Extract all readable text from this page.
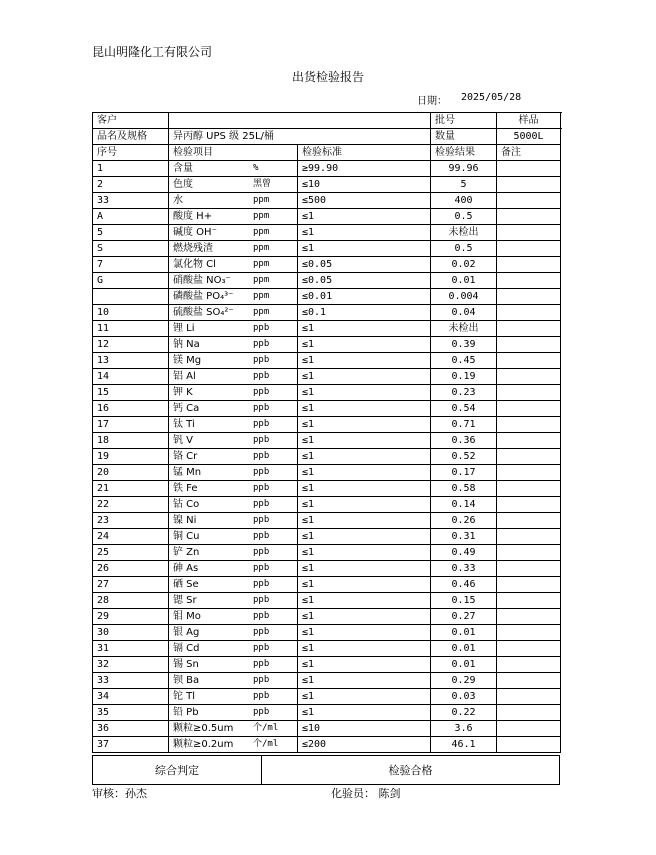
昆山明隆化工有限公司
出货检验报告
日期： 2025/05/28
客户			批号	样品
品名及规格	异丙醇 UPS 级 25L/桶		数量	5000L
序号	检验项目	检验标准	检验结果	备注
1	含量 %	≥99.90	99.96	
2	色度 黑曾	≤10	5	
33	水 ppm	≤500	400	
A	酸度 H+ ppm	≤1	0.5	
5	碱度 OH⁻ ppm	≤1	未检出	
S	燃烧残渣 ppm	≤1	0.5	
7	氯化物 Cl ppm	≤0.05	0.02	
G	硝酸盐 NO₃⁻ ppm	≤0.05	0.01	
	磷酸盐 PO₄³⁻ ppm	≤0.01	0.004	
10	硫酸盐 SO₄²⁻ ppm	≤0.1	0.04	
11	锂 Li ppb	≤1	未检出	
12	钠 Na ppb	≤1	0.39	
13	镁 Mg ppb	≤1	0.45	
14	铝 Al ppb	≤1	0.19	
15	钾 K ppb	≤1	0.23	
16	钙 Ca ppb	≤1	0.54	
17	钛 Ti ppb	≤1	0.71	
18	钒 V ppb	≤1	0.36	
19	铬 Cr ppb	≤1	0.52	
20	锰 Mn ppb	≤1	0.17	
21	铁 Fe ppb	≤1	0.58	
22	钴 Co ppb	≤1	0.14	
23	镍 Ni ppb	≤1	0.26	
24	铜 Cu ppb	≤1	0.31	
25	铲 Zn ppb	≤1	0.49	
26	砷 As ppb	≤1	0.33	
27	硒 Se ppb	≤1	0.46	
28	锶 Sr ppb	≤1	0.15	
29	钼 Mo ppb	≤1	0.27	
30	银 Ag ppb	≤1	0.01	
31	镉 Cd ppb	≤1	0.01	
32	锡 Sn ppb	≤1	0.01	
33	钡 Ba ppb	≤1	0.29	
34	铊 Tl ppb	≤1	0.03	
35	铅 Pb ppb	≤1	0.22	
36	颗粒≥0.5um 个/ml	≤10	3.6	
37	颗粒≥0.2um 个/ml	≤200	46.1	
综合判定	检验合格
审核：孙杰	化验员： 陈剑
